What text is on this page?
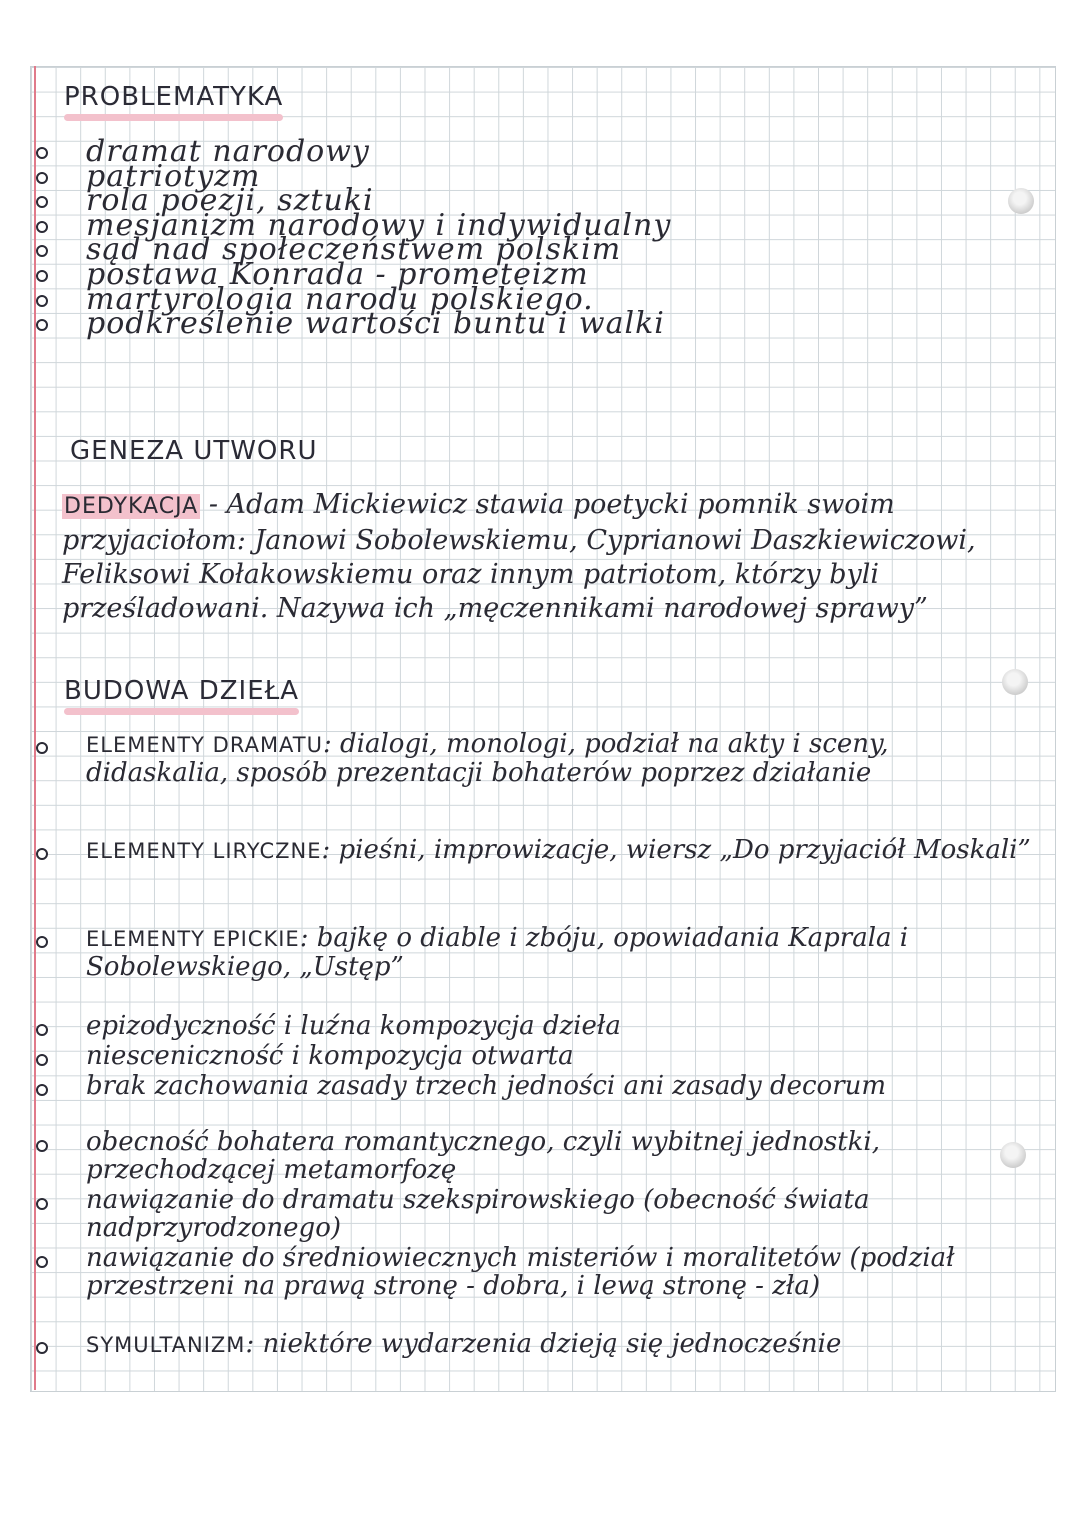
PROBLEMATYKA
dramat narodowy
patriotyzm
rola poezji, sztuki
mesjanizm narodowy i indywidualny
sąd nad społeczeństwem polskim
postawa Konrada - prometeizm
martyrologia narodu polskiego.
podkreślenie wartości buntu i walki
GENEZA UTWORU

DEDYKACJA - Adam Mickiewicz stawia poetycki pomnik swoim przyjaciołom: Janowi Sobolewskiemu, Cyprianowi Daszkiewiczowi, Feliksowi Kołakowskiemu oraz innym patriotom, którzy byli prześladowani. Nazywa ich „męczennikami narodowej sprawy”

BUDOWA DZIEŁA
ELEMENTY DRAMATU: dialogi, monologi, podział na akty i sceny, didaskalia, sposób prezentacji bohaterów poprzez działanie
ELEMENTY LIRYCZNE: pieśni, improwizacje, wiersz „Do przyjaciół Moskali”
ELEMENTY EPICKIE: bajkę o diable i zbóju, opowiadania Kaprala i Sobolewskiego, „Ustęp”
epizodyczność i luźna kompozycja dzieła
niesceniczność i kompozycja otwarta
brak zachowania zasady trzech jedności ani zasady decorum
obecność bohatera romantycznego, czyli wybitnej jednostki, przechodzącej metamorfozę
nawiązanie do dramatu szekspirowskiego (obecność świata nadprzyrodzonego)
nawiązanie do średniowiecznych misteriów i moralitetów (podział przestrzeni na prawą stronę - dobra, i lewą stronę - zła)
SYMULTANIZM: niektóre wydarzenia dzieją się jednocześnie
